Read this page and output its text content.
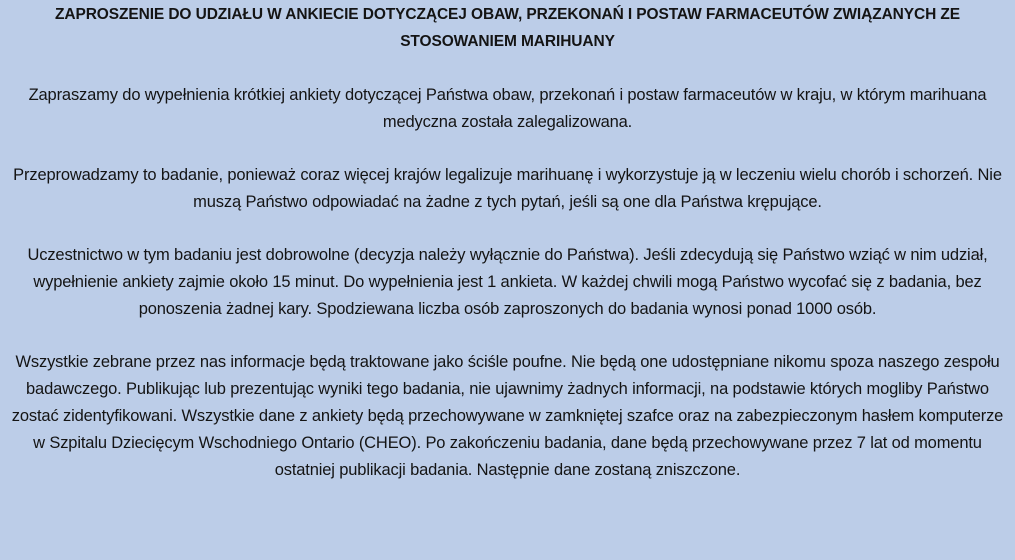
ZAPROSZENIE DO UDZIAŁU W ANKIECIE DOTYCZĄCEJ OBAW, PRZEKONAŃ I POSTAW FARMACEUTÓW ZWIĄZANYCH ZE STOSOWANIEM MARIHUANY

Zapraszamy do wypełnienia krótkiej ankiety dotyczącej Państwa obaw, przekonań i postaw farmaceutów w kraju, w którym marihuana medyczna została zalegalizowana.

Przeprowadzamy to badanie, ponieważ coraz więcej krajów legalizuje marihuanę i wykorzystuje ją w leczeniu wielu chorób i schorzeń. Nie muszą Państwo odpowiadać na żadne z tych pytań, jeśli są one dla Państwa krępujące.

Uczestnictwo w tym badaniu jest dobrowolne (decyzja należy wyłącznie do Państwa). Jeśli zdecydują się Państwo wziąć w nim udział, wypełnienie ankiety zajmie około 15 minut. Do wypełnienia jest 1 ankieta. W każdej chwili mogą Państwo wycofać się z badania, bez ponoszenia żadnej kary. Spodziewana liczba osób zaproszonych do badania wynosi ponad 1000 osób.

Wszystkie zebrane przez nas informacje będą traktowane jako ściśle poufne. Nie będą one udostępniane nikomu spoza naszego zespołu badawczego. Publikując lub prezentując wyniki tego badania, nie ujawnimy żadnych informacji, na podstawie których mogliby Państwo zostać zidentyfikowani. Wszystkie dane z ankiety będą przechowywane w zamkniętej szafce oraz na zabezpieczonym hasłem komputerze w Szpitalu Dziecięcym Wschodniego Ontario (CHEO). Po zakończeniu badania, dane będą przechowywane przez 7 lat od momentu ostatniej publikacji badania. Następnie dane zostaną zniszczone.
